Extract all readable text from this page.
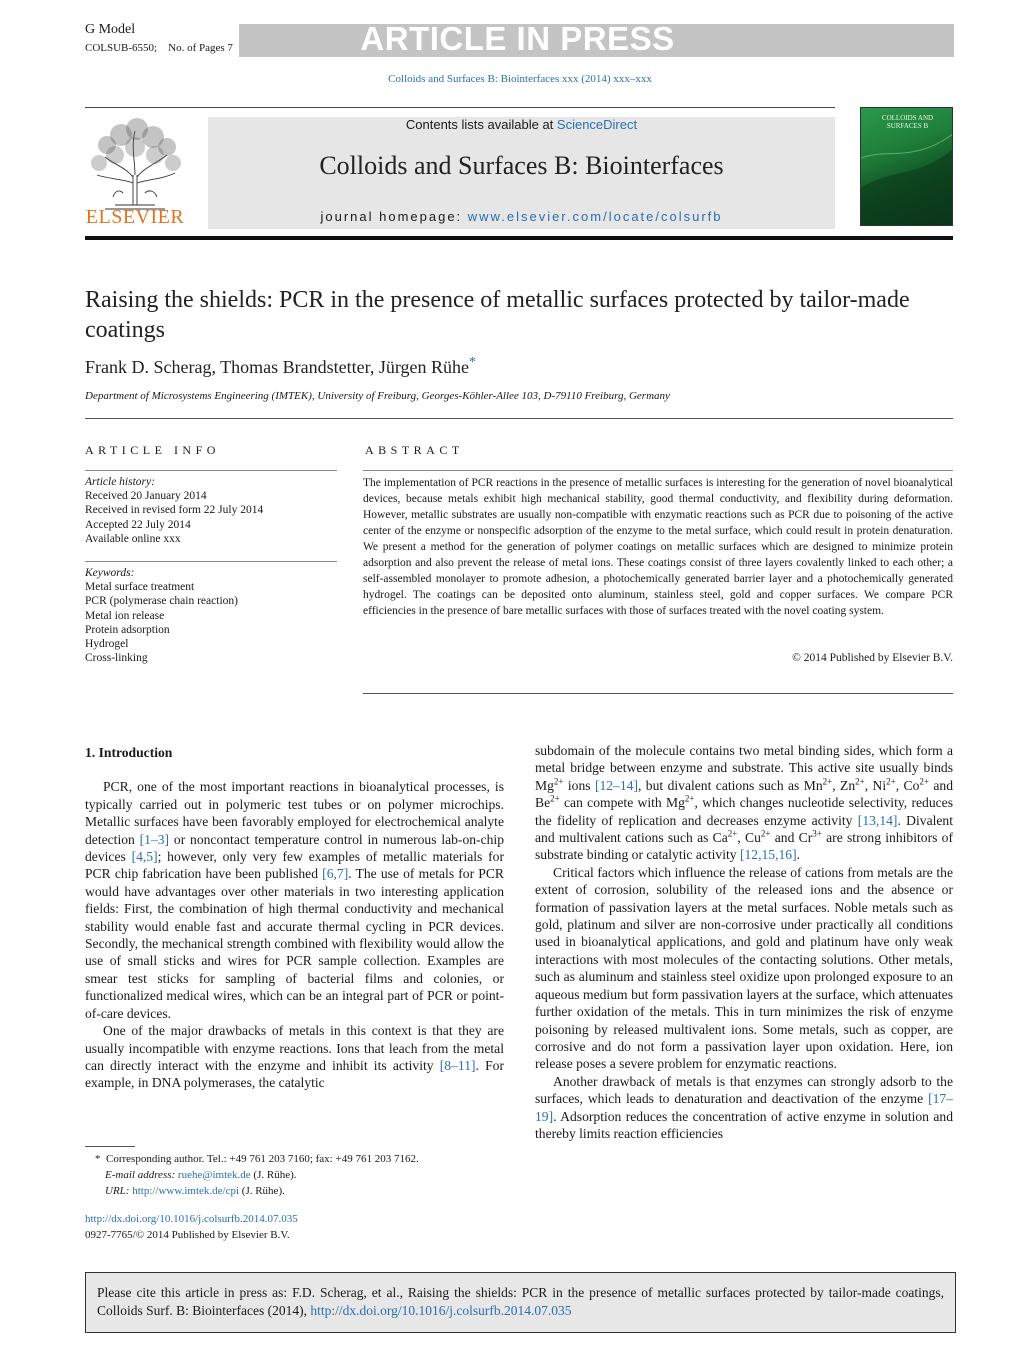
G Model
COLSUB-6550; No. of Pages 7	ARTICLE IN PRESS
Colloids and Surfaces B: Biointerfaces xxx (2014) xxx–xxx
ELSEVIER
Contents lists available at ScienceDirect
Colloids and Surfaces B: Biointerfaces
journal homepage: www.elsevier.com/locate/colsurfb
COLLOIDS AND SURFACES B
Raising the shields: PCR in the presence of metallic surfaces protected by tailor-made coatings
Frank D. Scherag, Thomas Brandstetter, Jürgen Rühe*
Department of Microsystems Engineering (IMTEK), University of Freiburg, Georges-Köhler-Allee 103, D-79110 Freiburg, Germany
ARTICLE INFO	ABSTRACT
Article history:
Received 20 January 2014
Received in revised form 22 July 2014
Accepted 22 July 2014
Available online xxx
Keywords:
Metal surface treatment
PCR (polymerase chain reaction)
Metal ion release
Protein adsorption
Hydrogel
Cross-linking
The implementation of PCR reactions in the presence of metallic surfaces is interesting for the generation of novel bioanalytical devices, because metals exhibit high mechanical stability, good thermal conductivity, and flexibility during deformation. However, metallic substrates are usually non-compatible with enzymatic reactions such as PCR due to poisoning of the active center of the enzyme or nonspecific adsorption of the enzyme to the metal surface, which could result in protein denaturation. We present a method for the generation of polymer coatings on metallic surfaces which are designed to minimize protein adsorption and also prevent the release of metal ions. These coatings consist of three layers covalently linked to each other; a self-assembled monolayer to promote adhesion, a photochemically generated barrier layer and a photochemically generated hydrogel. The coatings can be deposited onto aluminum, stainless steel, gold and copper surfaces. We compare PCR efficiencies in the presence of bare metallic surfaces with those of surfaces treated with the novel coating system.
© 2014 Published by Elsevier B.V.

1. Introduction

PCR, one of the most important reactions in bioanalytical processes, is typically carried out in polymeric test tubes or on polymer microchips. Metallic surfaces have been favorably employed for electrochemical analyte detection [1–3] or noncontact temperature control in numerous lab-on-chip devices [4,5]; however, only very few examples of metallic materials for PCR chip fabrication have been published [6,7]. The use of metals for PCR would have advantages over other materials in two interesting application fields: First, the combination of high thermal conductivity and mechanical stability would enable fast and accurate thermal cycling in PCR devices. Secondly, the mechanical strength combined with flexibility would allow the use of small sticks and wires for PCR sample collection. Examples are smear test sticks for sampling of bacterial films and colonies, or functionalized medical wires, which can be an integral part of PCR or point-of-care devices.

One of the major drawbacks of metals in this context is that they are usually incompatible with enzyme reactions. Ions that leach from the metal can directly interact with the enzyme and inhibit its activity [8–11]. For example, in DNA polymerases, the catalytic

subdomain of the molecule contains two metal binding sides, which form a metal bridge between enzyme and substrate. This active site usually binds $Mg^{2+}$ ions [12–14], but divalent cations such as $Mn^{2+}$, $Zn^{2+}$, $Ni^{2+}$, $Co^{2+}$ and $Be^{2+}$ can compete with $Mg^{2+}$, which changes nucleotide selectivity, reduces the fidelity of replication and decreases enzyme activity [13,14]. Divalent and multivalent cations such as $Ca^{2+}$, $Cu^{2+}$ and $Cr^{3+}$ are strong inhibitors of substrate binding or catalytic activity [12,15,16].

Critical factors which influence the release of cations from metals are the extent of corrosion, solubility of the released ions and the absence or formation of passivation layers at the metal surfaces. Noble metals such as gold, platinum and silver are non-corrosive under practically all conditions used in bioanalytical applications, and gold and platinum have only weak interactions with most molecules of the contacting solutions. Other metals, such as aluminum and stainless steel oxidize upon prolonged exposure to an aqueous medium but form passivation layers at the surface, which attenuates further oxidation of the metals. This in turn minimizes the risk of enzyme poisoning by released multivalent ions. Some metals, such as copper, are corrosive and do not form a passivation layer upon oxidation. Here, ion release poses a severe problem for enzymatic reactions.

Another drawback of metals is that enzymes can strongly adsorb to the surfaces, which leads to denaturation and deactivation of the enzyme [17–19]. Adsorption reduces the concentration of active enzyme in solution and thereby limits reaction efficiencies

* Corresponding author. Tel.: +49 761 203 7160; fax: +49 761 203 7162.
E-mail address: ruehe@imtek.de (J. Rühe).
URL: http://www.imtek.de/cpi (J. Rühe).
http://dx.doi.org/10.1016/j.colsurfb.2014.07.035
0927-7765/© 2014 Published by Elsevier B.V.
Please cite this article in press as: F.D. Scherag, et al., Raising the shields: PCR in the presence of metallic surfaces protected by tailor-made coatings, Colloids Surf. B: Biointerfaces (2014), http://dx.doi.org/10.1016/j.colsurfb.2014.07.035
